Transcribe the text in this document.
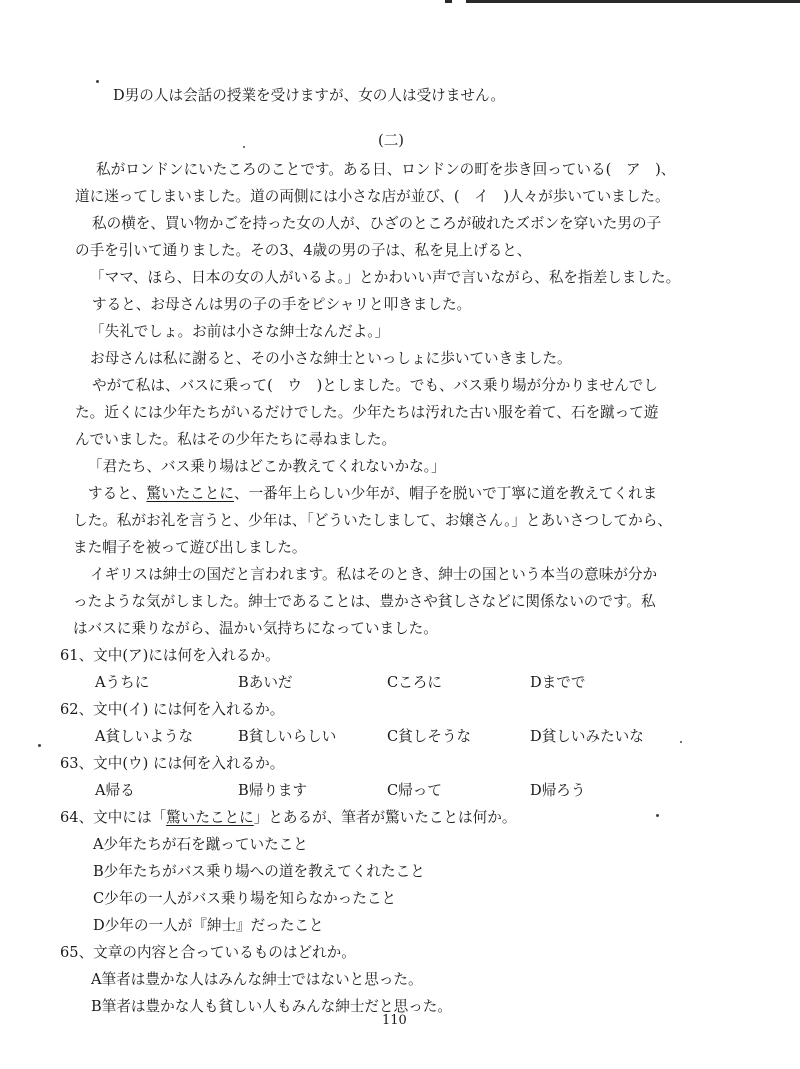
D男の人は会話の授業を受けますが、女の人は受けません。
(二)
私がロンドンにいたころのことです。ある日、ロンドンの町を歩き回っている(　ア　)、
道に迷ってしまいました。道の両側には小さな店が並び、(　イ　)人々が歩いていました。
私の横を、買い物かごを持った女の人が、ひざのところが破れたズボンを穿いた男の子
の手を引いて通りました。その3、4歳の男の子は、私を見上げると、
「ママ、ほら、日本の女の人がいるよ。」とかわいい声で言いながら、私を指差しました。
すると、お母さんは男の子の手をピシャリと叩きました。
「失礼でしょ。お前は小さな紳士なんだよ。」
お母さんは私に謝ると、その小さな紳士といっしょに歩いていきました。
やがて私は、バスに乗って(　ウ　)としました。でも、バス乗り場が分かりませんでし
た。近くには少年たちがいるだけでした。少年たちは汚れた古い服を着て、石を蹴って遊
んでいました。私はその少年たちに尋ねました。
「君たち、バス乗り場はどこか教えてくれないかな。」
すると、驚いたことに、一番年上らしい少年が、帽子を脱いで丁寧に道を教えてくれま
した。私がお礼を言うと、少年は、「どういたしまして、お嬢さん。」とあいさつしてから、
また帽子を被って遊び出しました。
イギリスは紳士の国だと言われます。私はそのとき、紳士の国という本当の意味が分か
ったような気がしました。紳士であることは、豊かさや貧しさなどに関係ないのです。私
はバスに乗りながら、温かい気持ちになっていました。
61、文中(ア)には何を入れるか。
Aうちに	Bあいだ	Cころに	Dまでで
62、文中(イ) には何を入れるか。
A貧しいような	B貧しいらしい	C貧しそうな	D貧しいみたいな
63、文中(ウ) には何を入れるか。
A帰る	B帰ります	C帰って	D帰ろう
64、文中には「驚いたことに」とあるが、筆者が驚いたことは何か。
A少年たちが石を蹴っていたこと
B少年たちがバス乗り場への道を教えてくれたこと
C少年の一人がバス乗り場を知らなかったこと
D少年の一人が『紳士』だったこと
65、文章の内容と合っているものはどれか。
A筆者は豊かな人はみんな紳士ではないと思った。
B筆者は豊かな人も貧しい人もみんな紳士だと思った。
110
